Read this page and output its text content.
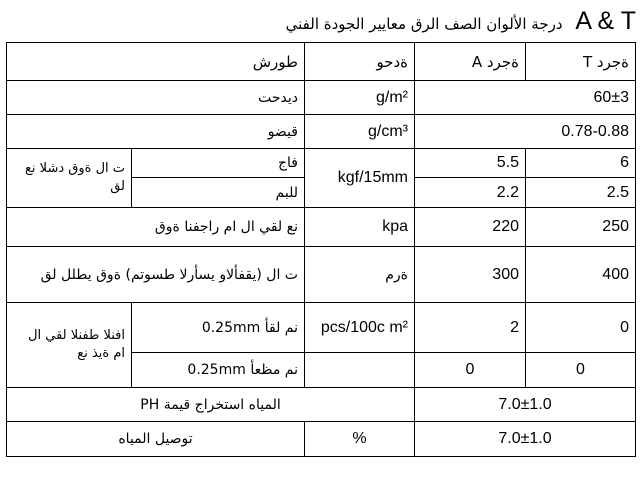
A & T درجة الألوان الصف الرق معايير الجودة الفني
طورش		ةدحو	ةجرد A	ةجرد T
ديدحت		g/m²	60±3	
قيضو		g/cm³	0.78-0.88	
ت ال ةوق دشلا نع لق	فاج	kgf/15mm	5.5	6
	للبم		2.2	2.5
نع لقي ال ام راجفنا ةوق		kpa	220	250
ت ال (يقفألاو يسأرلا طسوتم) ةوق يطلل لق		ةرم	300	400
افنلا طفنلا لقي ال ام ةيذ نع	نم لقأ 0.25mm	pcs/100c m²	2	0
	نم مظعأ 0.25mm		0	0
المياه استخراج قيمة PH			7.0±1.0	
توصيل المياه		%	7.0±1.0	
